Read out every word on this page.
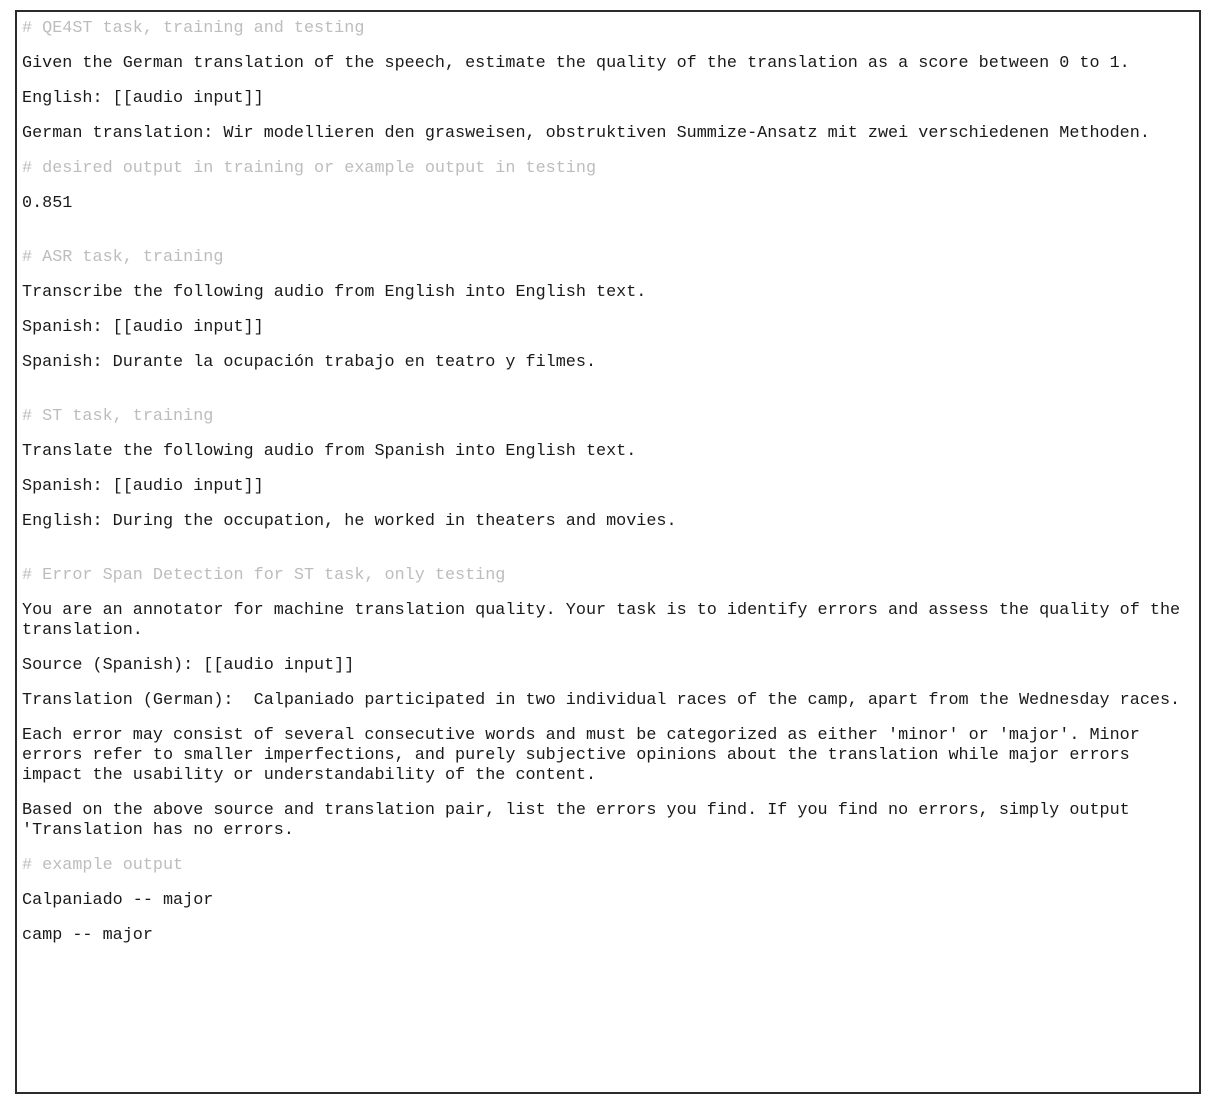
# QE4ST task, training and testing
Given the German translation of the speech, estimate the quality of the translation as a score between 0 to 1.
English: [[audio input]]
German translation: Wir modellieren den grasweisen, obstruktiven Summize-Ansatz mit zwei verschiedenen Methoden.
# desired output in training or example output in testing
0.851
# ASR task, training
Transcribe the following audio from English into English text.
Spanish: [[audio input]]
Spanish: Durante la ocupación trabajo en teatro y filmes.
# ST task, training
Translate the following audio from Spanish into English text.
Spanish: [[audio input]]
English: During the occupation, he worked in theaters and movies.
# Error Span Detection for ST task, only testing
You are an annotator for machine translation quality. Your task is to identify errors and assess the quality of the translation.
Source (Spanish): [[audio input]]
Translation (German):  Calpaniado participated in two individual races of the camp, apart from the Wednesday races.
Each error may consist of several consecutive words and must be categorized as either 'minor' or 'major'. Minor errors refer to smaller imperfections, and purely subjective opinions about the translation while major errors impact the usability or understandability of the content.
Based on the above source and translation pair, list the errors you find. If you find no errors, simply output 'Translation has no errors.
# example output
Calpaniado -- major
camp -- major
